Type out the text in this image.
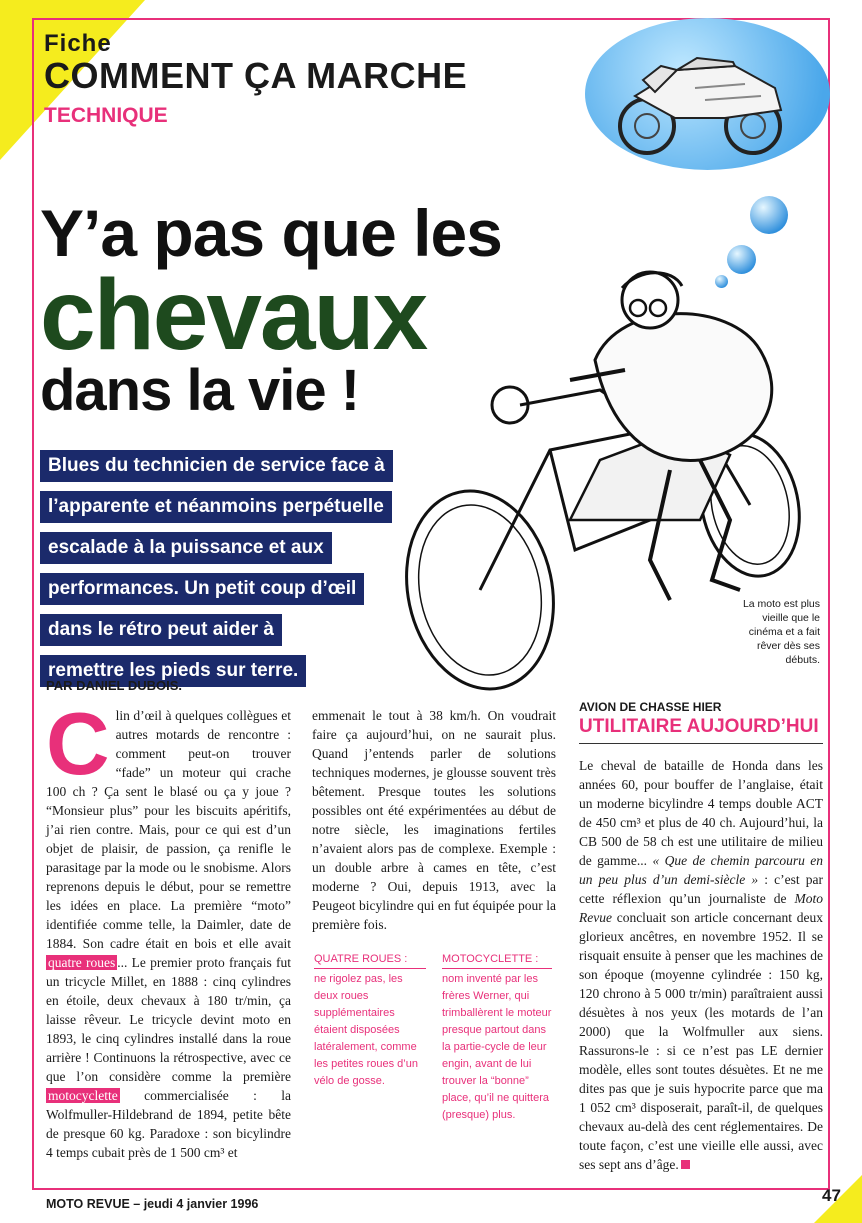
Fiche
COMMENT ÇA MARCHE
TECHNIQUE
Y’a pas que les
chevaux
dans la vie !
Blues du technicien de service face à
l’apparente et néanmoins perpétuelle
escalade à la puissance et aux
performances. Un petit coup d’œil
dans le rétro peut aider à
remettre les pieds sur terre.
PAR DANIEL DUBOIS.
La moto est plus vieille que le cinéma et a fait rêver dès ses débuts.
Clin d’œil à quelques collègues et autres motards de rencontre : comment peut-on trouver “fade” un moteur qui crache 100 ch ? Ça sent le blasé ou ça y joue ? “Monsieur plus” pour les biscuits apéritifs, j’ai rien contre. Mais, pour ce qui est d’un objet de plaisir, de passion, ça renifle le parasitage par la mode ou le snobisme. Alors reprenons depuis le début, pour se remettre les idées en place. La première “moto” identifiée comme telle, la Daimler, date de 1884. Son cadre était en bois et elle avait quatre roues ... Le premier proto français fut un tricycle Millet, en 1888 : cinq cylindres en étoile, deux chevaux à 180 tr/min, ça laisse rêveur. Le tricycle devint moto en 1893, le cinq cylindres installé dans la roue arrière ! Continuons la rétrospective, avec ce que l’on considère comme la première motocyclette commercialisée : la Wolfmuller-Hildebrand de 1894, petite bête de presque 60 kg. Paradoxe : son bicylindre 4 temps cubait près de 1 500 cm³ et
emmenait le tout à 38 km/h. On voudrait faire ça aujourd’hui, on ne saurait plus. Quand j’entends parler de solutions techniques modernes, je glousse souvent très bêtement. Presque toutes les solutions possibles ont été expérimentées au début de notre siècle, les imaginations fertiles n’avaient alors pas de complexe. Exemple : un double arbre à cames en tête, c’est moderne ? Oui, depuis 1913, avec la Peugeot bicylindre qui en fut équipée pour la première fois.
QUATRE ROUES :
ne rigolez pas, les deux roues supplémentaires étaient disposées latéralement, comme les petites roues d’un vélo de gosse.
MOTOCYCLETTE :
nom inventé par les frères Werner, qui trimballèrent le moteur presque partout dans la partie-cycle de leur engin, avant de lui trouver la “bonne” place, qu’il ne quittera (presque) plus.
AVION DE CHASSE HIER
UTILITAIRE AUJOURD’HUI
Le cheval de bataille de Honda dans les années 60, pour bouffer de l’anglaise, était un moderne bicylindre 4 temps double ACT de 450 cm³ et plus de 40 ch. Aujourd’hui, la CB 500 de 58 ch est une utilitaire de milieu de gamme... « Que de chemin parcouru en un peu plus d’un demi-siècle » : c’est par cette réflexion qu’un journaliste de Moto Revue concluait son article concernant deux glorieux ancêtres, en novembre 1952. Il se risquait ensuite à penser que les machines de son époque (moyenne cylindrée : 150 kg, 120 chrono à 5 000 tr/min) paraîtraient aussi désuètes à nos yeux (les motards de l’an 2000) que la Wolfmuller aux siens. Rassurons-le : si ce n’est pas LE dernier modèle, elles sont toutes désuètes. Et ne me dites pas que je suis hypocrite parce que ma 1 052 cm³ disposerait, paraît-il, de quelques chevaux au-delà des cent réglementaires. De toute façon, c’est une vieille elle aussi, avec ses sept ans d’âge.
MOTO REVUE – jeudi 4 janvier 1996	47
